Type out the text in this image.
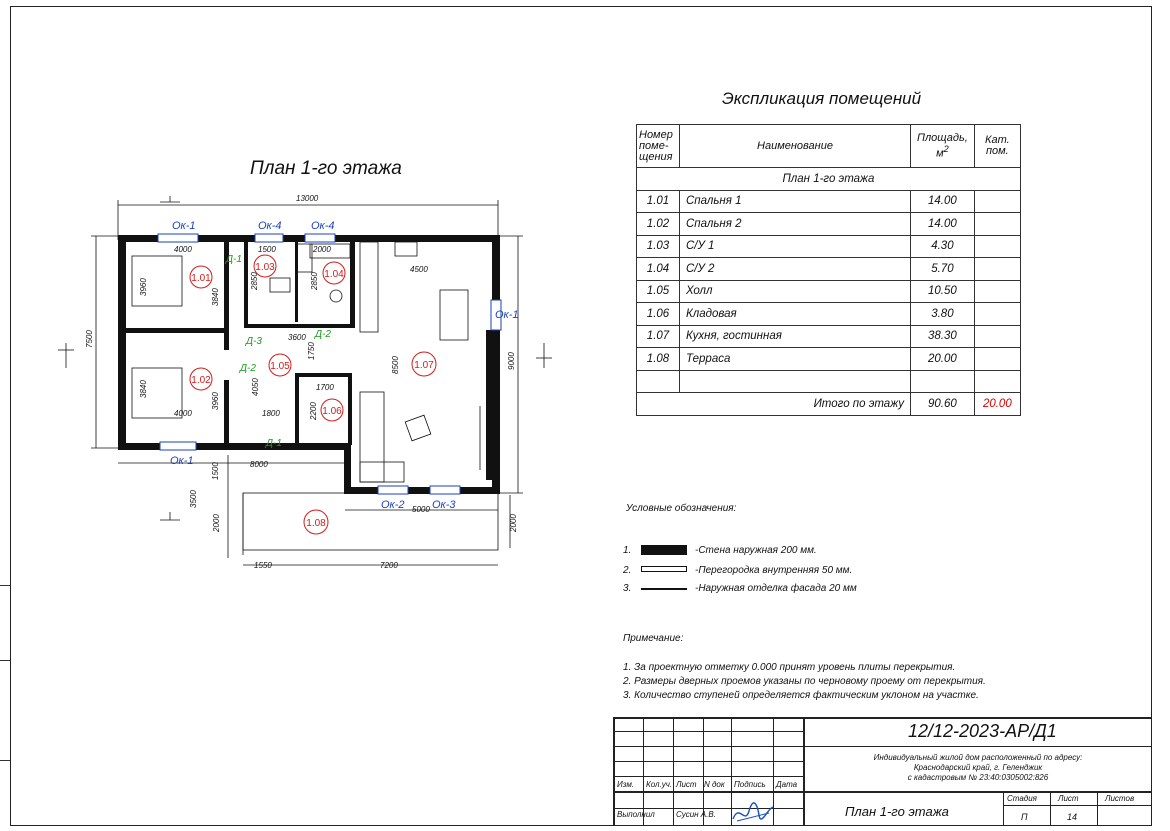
План 1-го этажа
Ок-1	Ок-4	Ок-4
Ок-1
Ок-1
Ок-2 Ок-3
Д-1
Д-2
Д-2
Д-3
Д-1
13000
4000	1500	2000
4500
3600
1700
1800
8000
4000
5000
1550	7200
7500
9000
3500
2000	2000
3960
3840
3840
3960
2850	2850
1750
4050
8500
2200
1500
1.01
1.02
1.03
1.04
1.05
1.06
1.07
1.08
Экспликация помещений
Номер поме- щения	Наименование	Площадь, $м^2$	Кат. пом.
План 1-го этажа			
1.01	Спальня 1	14.00	
1.02	Спальня 2	14.00	
1.03	С/У 1	4.30	
1.04	С/У 2	5.70	
1.05	Холл	10.50	
1.06	Кладовая	3.80	
1.07	Кухня, гостинная	38.30	
1.08	Терраса	20.00	

Итого по этажу		90.60	20.00
Условные обозначения:
1.	-Стена наружная 200 мм.
2.	-Перегородка внутренняя 50 мм.
3.	-Наружная отделка фасада 20 мм
Примечание:
1. За проектную отметку 0.000 принят уровень плиты перекрытия.
2. Размеры дверных проемов указаны по черновому проему от перекрытия.
3. Количество ступеней определяется фактическим уклоном на участке.
12/12-2023-АР/Д1
Индивидуальный жилой дом расположенный по адресу:
Краснодарский край, г. Геленджик
с кадастровым № 23:40:0305002:826
Изм. Кол.уч. Лист N док Подпись Дата
Выполнил	Сусин А.В.	План 1-го этажа
Стадия	Лист	Листов
П	14
